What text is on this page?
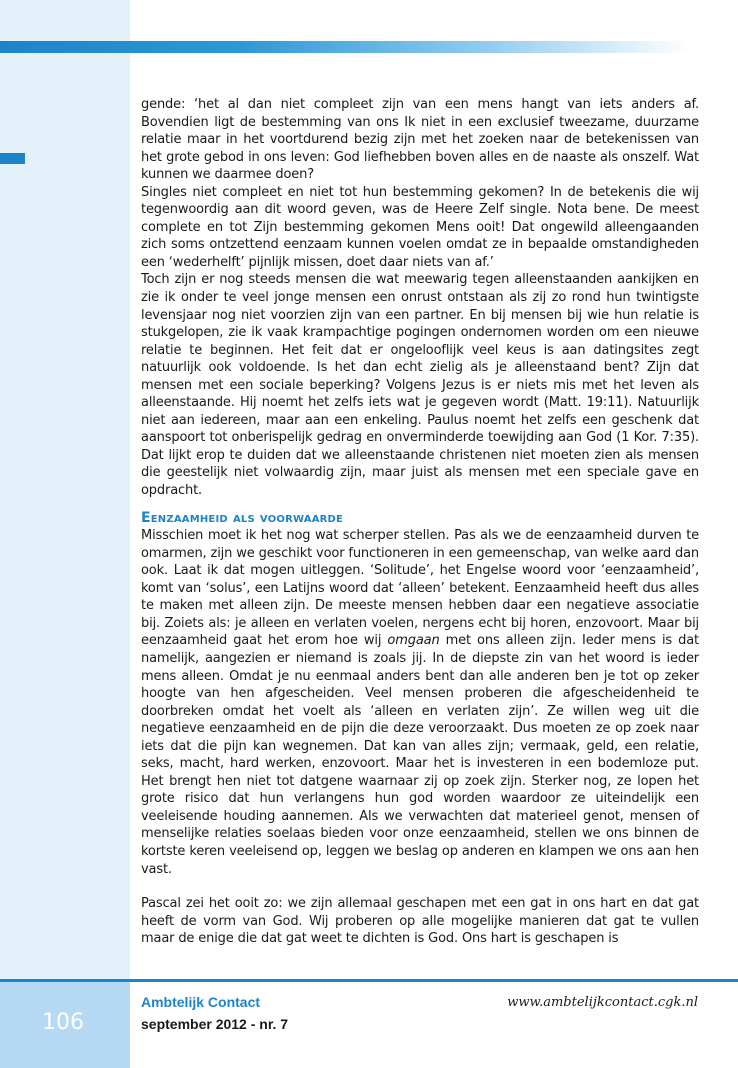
gende: ‘het al dan niet compleet zijn van een mens hangt van iets anders af. Bovendien ligt de bestemming van ons Ik niet in een exclusief tweezame, duurzame relatie maar in het voortdurend bezig zijn met het zoeken naar de betekenissen van het grote gebod in ons leven: God liefhebben boven alles en de naaste als onszelf. Wat kunnen we daarmee doen?

Singles niet compleet en niet tot hun bestemming gekomen? In de betekenis die wij tegenwoordig aan dit woord geven, was de Heere Zelf single. Nota bene. De meest complete en tot Zijn bestemming gekomen Mens ooit! Dat ongewild alleengaanden zich soms ontzettend eenzaam kunnen voelen omdat ze in bepaalde omstandigheden een ‘wederhelft’ pijnlijk missen, doet daar niets van af.’

Toch zijn er nog steeds mensen die wat meewarig tegen alleenstaanden aankijken en zie ik onder te veel jonge mensen een onrust ontstaan als zij zo rond hun twintigste levensjaar nog niet voorzien zijn van een partner. En bij mensen bij wie hun relatie is stukgelopen, zie ik vaak krampachtige pogingen ondernomen worden om een nieuwe relatie te beginnen. Het feit dat er ongelooflijk veel keus is aan datingsites zegt natuurlijk ook voldoende. Is het dan echt zielig als je alleenstaand bent? Zijn dat mensen met een sociale beperking? Volgens Jezus is er niets mis met het leven als alleenstaande. Hij noemt het zelfs iets wat je gegeven wordt (Matt. 19:11). Natuurlijk niet aan iedereen, maar aan een enkeling. Paulus noemt het zelfs een geschenk dat aanspoort tot onberispelijk gedrag en onverminderde toewijding aan God (1 Kor. 7:35). Dat lijkt erop te duiden dat we alleenstaande christenen niet moeten zien als mensen die geestelijk niet volwaardig zijn, maar juist als mensen met een speciale gave en opdracht.

Eenzaamheid als voorwaarde

Misschien moet ik het nog wat scherper stellen. Pas als we de eenzaamheid durven te omarmen, zijn we geschikt voor functioneren in een gemeenschap, van welke aard dan ook. Laat ik dat mogen uitleggen. ‘Solitude’, het Engelse woord voor ‘eenzaamheid’, komt van ‘solus’, een Latijns woord dat ‘alleen’ betekent. Eenzaamheid heeft dus alles te maken met alleen zijn. De meeste mensen hebben daar een negatieve associatie bij. Zoiets als: je alleen en verlaten voelen, nergens echt bij horen, enzovoort. Maar bij eenzaamheid gaat het erom hoe wij omgaan met ons alleen zijn. Ieder mens is dat namelijk, aangezien er niemand is zoals jij. In de diepste zin van het woord is ieder mens alleen. Omdat je nu eenmaal anders bent dan alle anderen ben je tot op zeker hoogte van hen afgescheiden. Veel mensen proberen die afgescheidenheid te doorbreken omdat het voelt als ‘alleen en verlaten zijn’. Ze willen weg uit die negatieve eenzaamheid en de pijn die deze veroorzaakt. Dus moeten ze op zoek naar iets dat die pijn kan wegnemen. Dat kan van alles zijn; vermaak, geld, een relatie, seks, macht, hard werken, enzovoort. Maar het is investeren in een bodemloze put. Het brengt hen niet tot datgene waarnaar zij op zoek zijn. Sterker nog, ze lopen het grote risico dat hun verlangens hun god worden waardoor ze uiteindelijk een veeleisende houding aannemen. Als we verwachten dat materieel genot, mensen of menselijke relaties soelaas bieden voor onze eenzaamheid, stellen we ons binnen de kortste keren veeleisend op, leggen we beslag op anderen en klampen we ons aan hen vast.

Pascal zei het ooit zo: we zijn allemaal geschapen met een gat in ons hart en dat gat heeft de vorm van God. Wij proberen op alle mogelijke manieren dat gat te vullen maar de enige die dat gat weet te dichten is God. Ons hart is geschapen is

106
Ambtelijk Contact
september 2012 - nr. 7
www.ambtelijkcontact.cgk.nl
